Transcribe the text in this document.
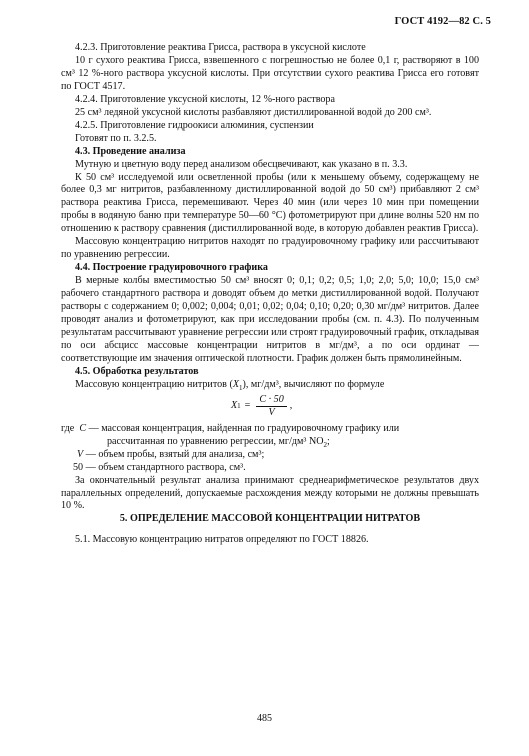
ГОСТ 4192—82 С. 5

4.2.3. Приготовление реактива Грисса, раствора в уксусной кислоте

10 г сухого реактива Грисса, взвешенного с погрешностью не более 0,1 г, растворяют в 100 см³ 12 %-ного раствора уксусной кислоты. При отсутствии сухого реактива Грисса его готовят по ГОСТ 4517.

4.2.4. Приготовление уксусной кислоты, 12 %-ного раствора

25 см³ ледяной уксусной кислоты разбавляют дистиллированной водой до 200 см³.

4.2.5. Приготовление гидроокиси алюминия, суспензии

Готовят по п. 3.2.5.

4.3. Проведение анализа

Мутную и цветную воду перед анализом обесцвечивают, как указано в п. 3.3.

К 50 см³ исследуемой или осветленной пробы (или к меньшему объему, содержащему не более 0,3 мг нитритов, разбавленному дистиллированной водой до 50 см³) прибавляют 2 см³ раствора реактива Грисса, перемешивают. Через 40 мин (или через 10 мин при помещении пробы в водяную баню при температуре 50—60 °С) фотометрируют при длине волны 520 нм по отношению к раствору сравнения (дистиллированной воде, в которую добавлен реактив Грисса).

Массовую концентрацию нитритов находят по градуировочному графику или рассчитывают по уравнению регрессии.

4.4. Построение градуировочного графика

В мерные колбы вместимостью 50 см³ вносят 0; 0,1; 0,2; 0,5; 1,0; 2,0; 5,0; 10,0; 15,0 см³ рабочего стандартного раствора и доводят объем до метки дистиллированной водой. Получают растворы с содержанием 0; 0,002; 0,004; 0,01; 0,02; 0,04; 0,10; 0,20; 0,30 мг/дм³ нитритов. Далее проводят анализ и фотометрируют, как при исследовании пробы (см. п. 4.3). По полученным результатам рассчитывают уравнение регрессии или строят градуировочный график, откладывая по оси абсцисс массовые концентрации нитритов в мг/дм³, а по оси ординат — соответствующие им значения оптической плотности. График должен быть прямолинейным.

4.5. Обработка результатов

Массовую концентрацию нитритов $(X_1)$, мг/дм³, вычисляют по формуле

X $1 = \frac{C \cdot 50}{V}$ ,
где C — массовая концентрация, найденная по градуировочному графику или

рассчитанная по уравнению регрессии, мг/дм³ $NO_2$;

V — объем пробы, взятый для анализа, см³;

50 — объем стандартного раствора, см³.

За окончательный результат анализа принимают среднеарифметическое результатов двух параллельных определений, допускаемые расхождения между которыми не должны превышать 10 %.

5. ОПРЕДЕЛЕНИЕ МАССОВОЙ КОНЦЕНТРАЦИИ НИТРАТОВ

5.1. Массовую концентрацию нитратов определяют по ГОСТ 18826.

485
